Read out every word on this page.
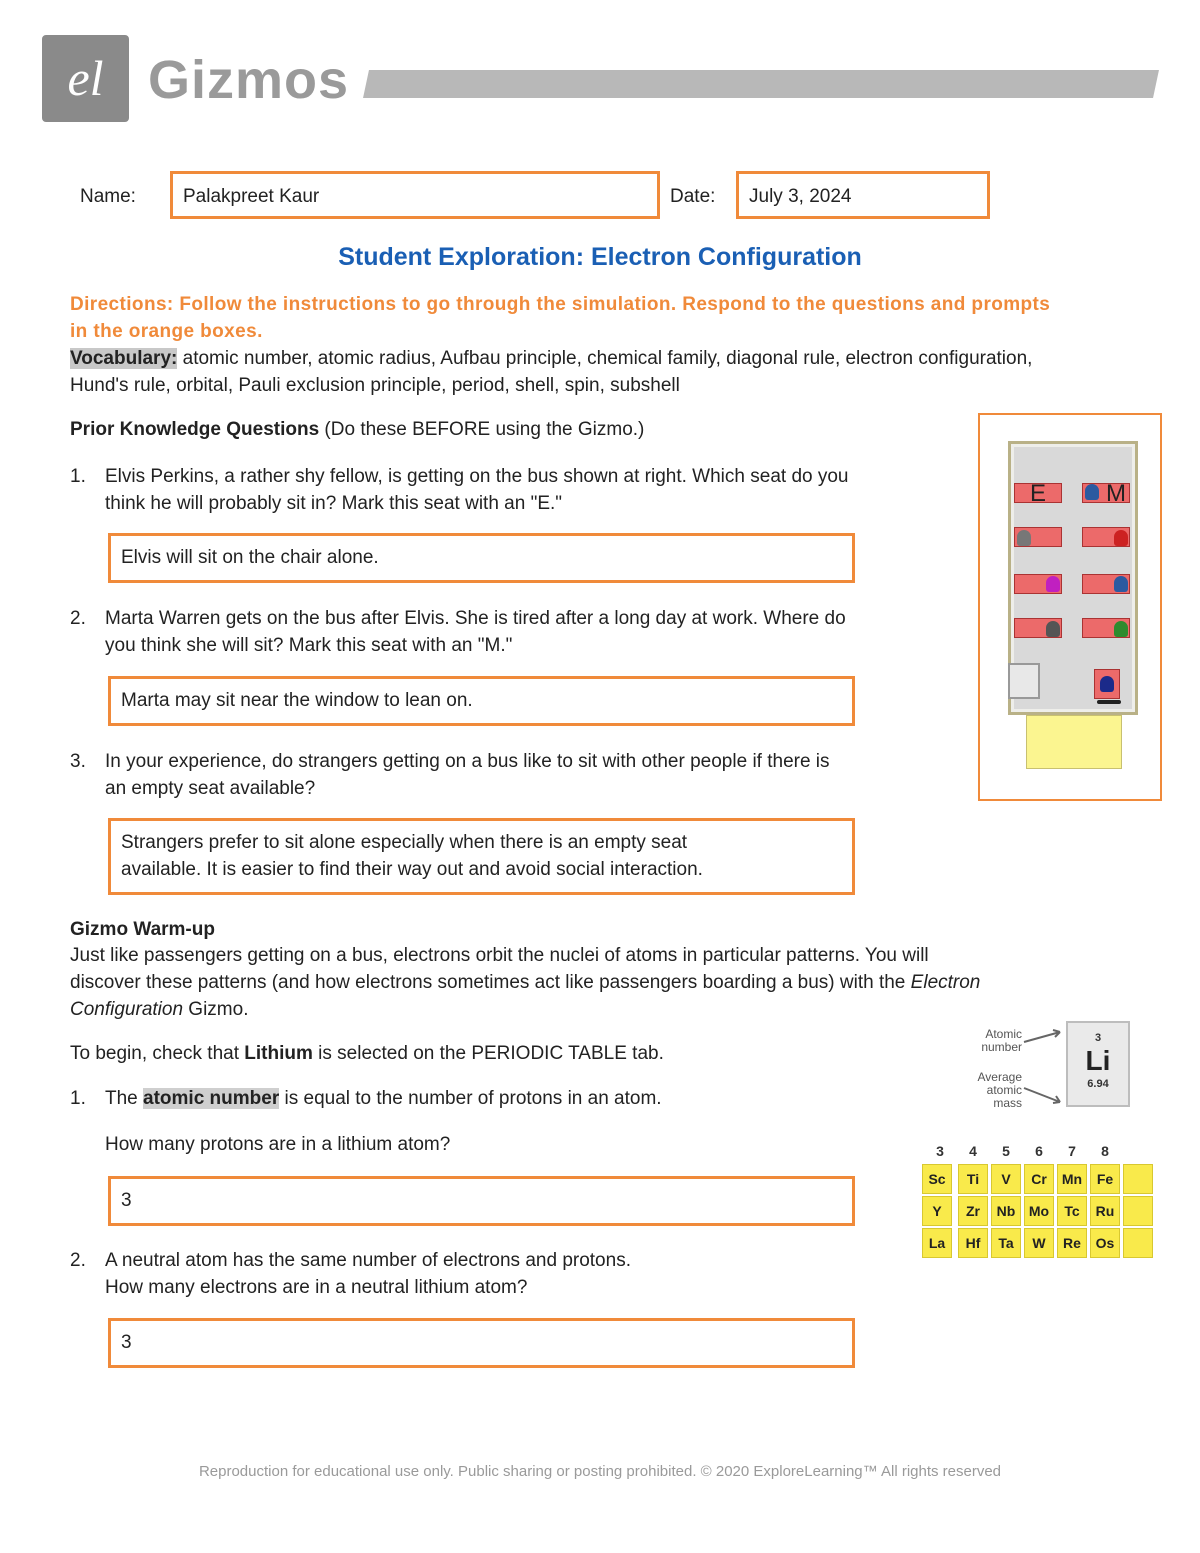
el Gizmos
Name:	Palakpreet Kaur	Date:	July 3, 2024
Student Exploration: Electron Configuration
Directions: Follow the instructions to go through the simulation. Respond to the questions and prompts in the orange boxes.
Vocabulary: atomic number, atomic radius, Aufbau principle, chemical family, diagonal rule, electron configuration, Hund's rule, orbital, Pauli exclusion principle, period, shell, spin, subshell
Prior Knowledge Questions (Do these BEFORE using the Gizmo.)
1. Elvis Perkins, a rather shy fellow, is getting on the bus shown at right. Which seat do you
think he will probably sit in? Mark this seat with an "E."
Elvis will sit on the chair alone.
2. Marta Warren gets on the bus after Elvis. She is tired after a long day at work. Where do
you think she will sit? Mark this seat with an "M."
Marta may sit near the window to lean on.
3. In your experience, do strangers getting on a bus like to sit with other people if there is
an empty seat available?
Strangers prefer to sit alone especially when there is an empty seat
available. It is easier to find their way out and avoid social interaction.
E M
Gizmo Warm-up
Just like passengers getting on a bus, electrons orbit the nuclei of atoms in particular patterns. You will
discover these patterns (and how electrons sometimes act like passengers boarding a bus) with the Electron
Configuration Gizmo.
To begin, check that Lithium is selected on the PERIODIC TABLE tab.
1. The atomic number is equal to the number of protons in an atom.
How many protons are in a lithium atom?
3
2. A neutral atom has the same number of electrons and protons.
How many electrons are in a neutral lithium atom?
3
Atomic
number
Average
atomic
mass
3
Li
6.94
3	4	5	6	7	8
Sc	Ti	V	Cr	Mn	Fe
Y	Zr	Nb Mo	Tc	Ru
La	Hf	Ta	W	Re	Os
Reproduction for educational use only. Public sharing or posting prohibited. © 2020 ExploreLearning™ All rights reserved
